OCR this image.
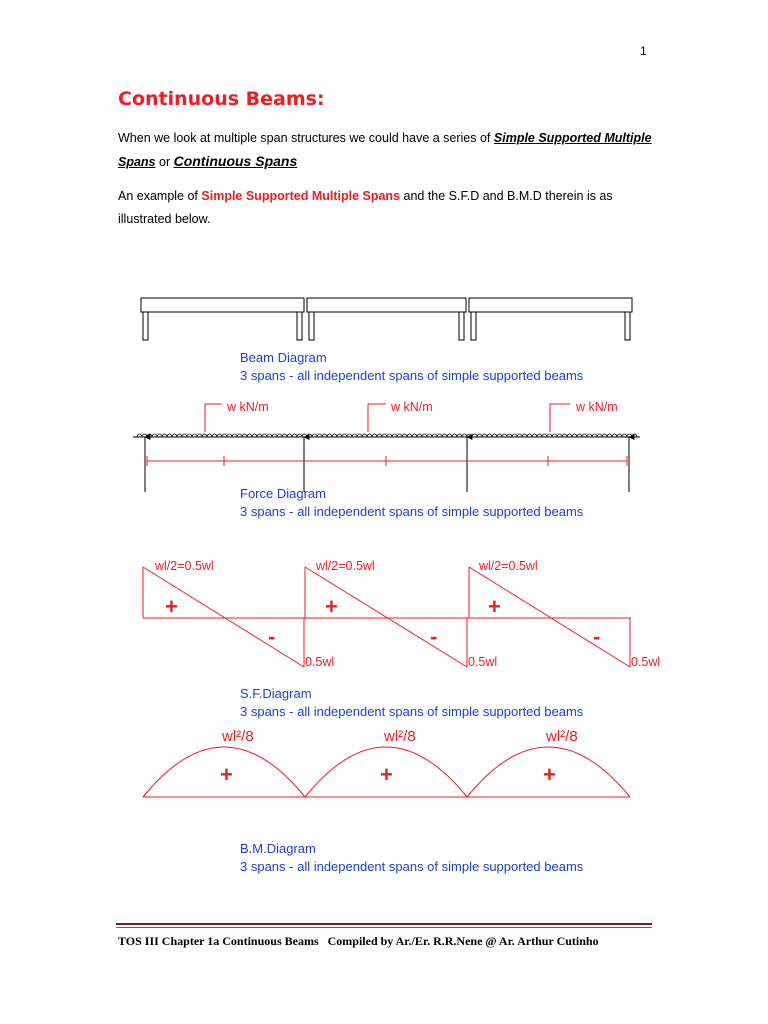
1
Continuous Beams:
When we look at multiple span structures we could have a series of Simple Supported Multiple Spans or Continuous Spans
An example of Simple Supported Multiple Spans and the S.F.D and B.M.D therein is as illustrated below.
Beam Diagram
3 spans - all independent spans of simple supported beams
w kN/m	w kN/m	w kN/m
Force Diagram
3 spans - all independent spans of simple supported beams
wl/2=0.5wl	wl/2=0.5wl	wl/2=0.5wl
0.5wl	0.5wl	0.5wl
+	+	+
-	-	-
S.F.Diagram
3 spans - all independent spans of simple supported beams
wl²/8	wl²/8	wl²/8
+	+	+
B.M.Diagram
3 spans - all independent spans of simple supported beams
TOS III Chapter 1a Continuous Beams Compiled by Ar./Er. R.R.Nene @ Ar. Arthur Cutinho
